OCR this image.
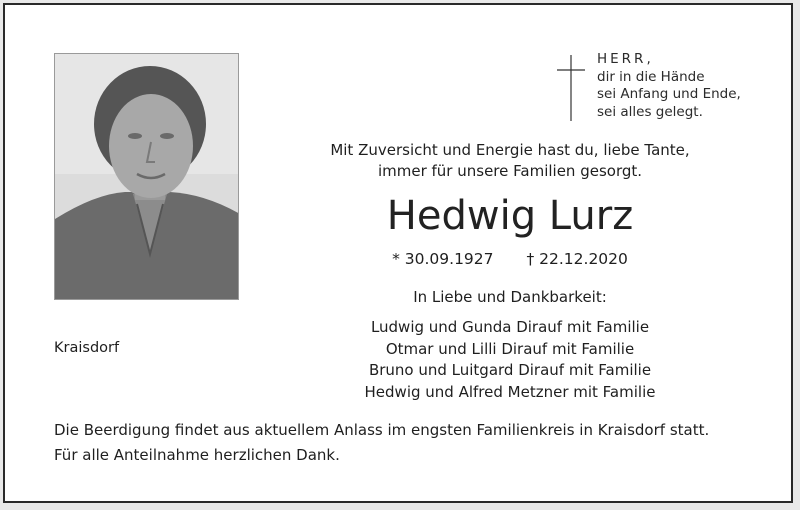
HERR,
dir in die Hände
sei Anfang und Ende,
sei alles gelegt.
Mit Zuversicht und Energie hast du, liebe Tante,
immer für unsere Familien gesorgt.
Hedwig Lurz
* 30.09.1927 † 22.12.2020
In Liebe und Dankbarkeit:
Ludwig und Gunda Dirauf mit Familie
Otmar und Lilli Dirauf mit Familie
Bruno und Luitgard Dirauf mit Familie
Hedwig und Alfred Metzner mit Familie
Kraisdorf
Die Beerdigung findet aus aktuellem Anlass im engsten Familienkreis in Kraisdorf statt.
Für alle Anteilnahme herzlichen Dank.
